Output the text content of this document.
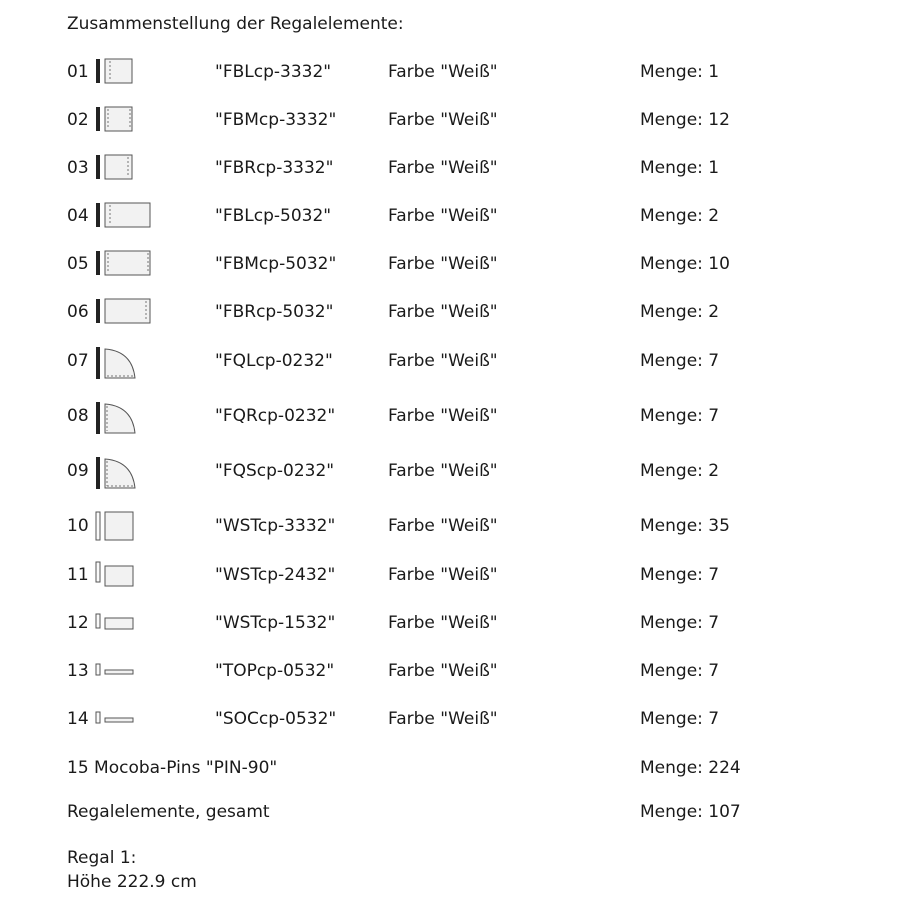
Zusammenstellung der Regalelemente:
01	"FBLcp-3332"	Farbe "Weiß"	Menge: 1
02	"FBMcp-3332"	Farbe "Weiß"	Menge: 12
03	"FBRcp-3332"	Farbe "Weiß"	Menge: 1
04	"FBLcp-5032"	Farbe "Weiß"	Menge: 2
05	"FBMcp-5032"	Farbe "Weiß"	Menge: 10
06	"FBRcp-5032"	Farbe "Weiß"	Menge: 2
07	"FQLcp-0232"	Farbe "Weiß"	Menge: 7
08	"FQRcp-0232"	Farbe "Weiß"	Menge: 7
09	"FQScp-0232"	Farbe "Weiß"	Menge: 2
10	"WSTcp-3332"	Farbe "Weiß"	Menge: 35
11	"WSTcp-2432"	Farbe "Weiß"	Menge: 7
12	"WSTcp-1532"	Farbe "Weiß"	Menge: 7
13	"TOPcp-0532"	Farbe "Weiß"	Menge: 7
14	"SOCcp-0532"	Farbe "Weiß"	Menge: 7
15 Mocoba-Pins "PIN-90"	Menge: 224
Regalelemente, gesamt	Menge: 107
Regal 1:
Höhe 222.9 cm
